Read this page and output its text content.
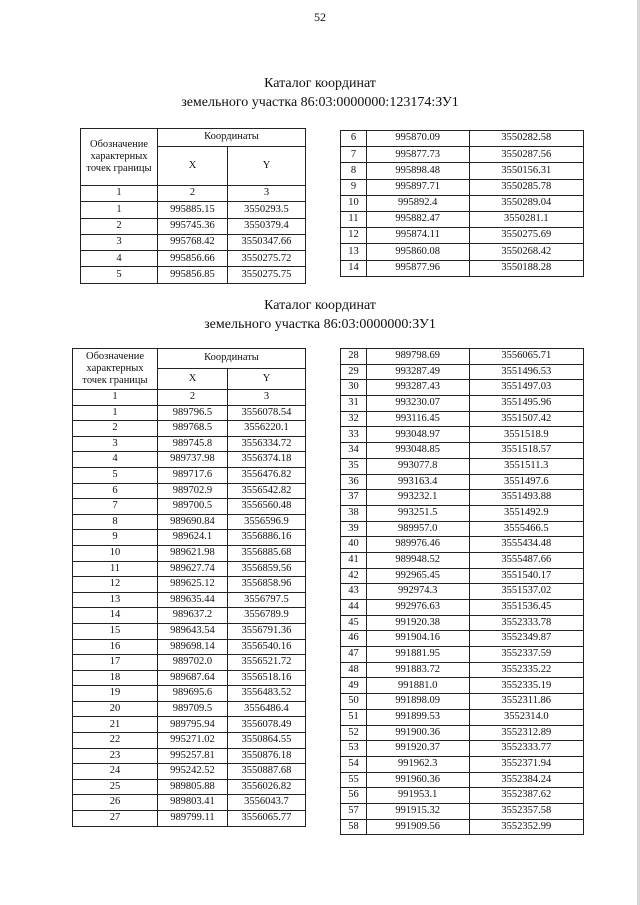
52
Каталог координат
земельного участка 86:03:0000000:123174:ЗУ1
Обозначение характерных точек границы	Координаты	
	X	Y
1	2	3
1	995885.15	3550293.5
2	995745.36	3550379.4
3	995768.42	3550347.66
4	995856.66	3550275.72
5	995856.85	3550275.75
6	995870.09	3550282.58
7	995877.73	3550287.56
8	995898.48	3550156.31
9	995897.71	3550285.78
10	995892.4	3550289.04
11	995882.47	3550281.1
12	995874.11	3550275.69
13	995860.08	3550268.42
14	995877.96	3550188.28
Каталог координат
земельного участка 86:03:0000000:ЗУ1
Обозначение характерных точек границы	Координаты	
	X	Y
1	2	3
1	989796.5	3556078.54
2	989768.5	3556220.1
3	989745.8	3556334.72
4	989737.98	3556374.18
5	989717.6	3556476.82
6	989702.9	3556542.82
7	989700.5	3556560.48
8	989690.84	3556596.9
9	989624.1	3556886.16
10	989621.98	3556885.68
11	989627.74	3556859.56
12	989625.12	3556858.96
13	989635.44	3556797.5
14	989637.2	3556789.9
15	989643.54	3556791.36
16	989698.14	3556540.16
17	989702.0	3556521.72
18	989687.64	3556518.16
19	989695.6	3556483.52
20	989709.5	3556486.4
21	989795.94	3556078.49
22	995271.02	3550864.55
23	995257.81	3550876.18
24	995242.52	3550887.68
25	989805.88	3556026.82
26	989803.41	3556043.7
27	989799.11	3556065.77
28	989798.69	3556065.71
29	993287.49	3551496.53
30	993287.43	3551497.03
31	993230.07	3551495.96
32	993116.45	3551507.42
33	993048.97	3551518.9
34	993048.85	3551518.57
35	993077.8	3551511.3
36	993163.4	3551497.6
37	993232.1	3551493.88
38	993251.5	3551492.9
39	989957.0	3555466.5
40	989976.46	3555434.48
41	989948.52	3555487.66
42	992965.45	3551540.17
43	992974.3	3551537.02
44	992976.63	3551536.45
45	991920.38	3552333.78
46	991904.16	3552349.87
47	991881.95	3552337.59
48	991883.72	3552335.22
49	991881.0	3552335.19
50	991898.09	3552311.86
51	991899.53	3552314.0
52	991900.36	3552312.89
53	991920.37	3552333.77
54	991962.3	3552371.94
55	991960.36	3552384.24
56	991953.1	3552387.62
57	991915.32	3552357.58
58	991909.56	3552352.99
